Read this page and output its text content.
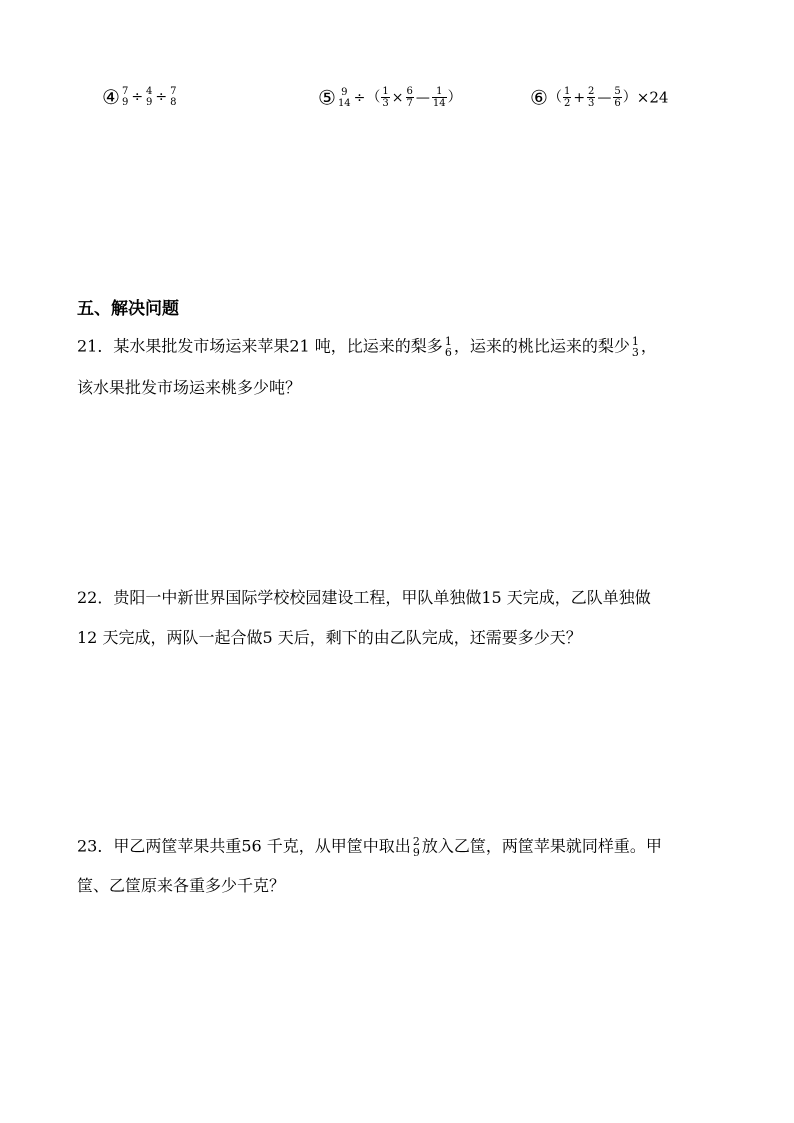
④ 7
9 ÷ 4
9 ÷ 7
8	⑤ 9
14 ÷（ $\frac{1}{3} \times \frac{6}{7}$ — $\frac{1}{14}$ ）	⑥（ $\frac{1}{2} + \frac{2}{3}$ — $\frac{5}{6} )\times 24$
五、解决问题
21．某水果批发市场运来苹果21 吨，比运来的梨多 1
6 ，运来的桃比运来的梨少 1
3 ，
该水果批发市场运来桃多少吨？
22．贵阳一中新世界国际学校校园建设工程，甲队单独做15 天完成，乙队单独做
12 天完成，两队一起合做5 天后，剩下的由乙队完成，还需要多少天？
23．甲乙两筐苹果共重56 千克，从甲筐中取出 2
9 放入乙筐，两筐苹果就同样重。甲
筐、乙筐原来各重多少千克？
